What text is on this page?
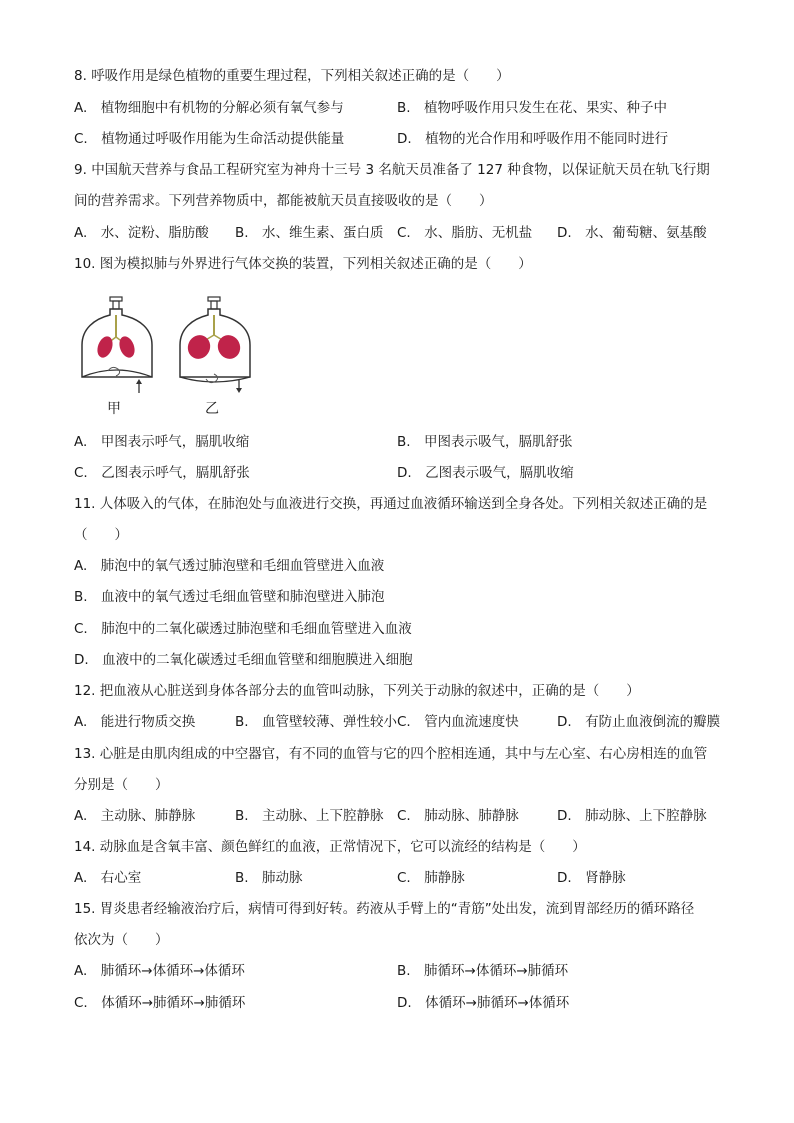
8. 呼吸作用是绿色植物的重要生理过程，下列相关叙述正确的是（　　）
A.　植物细胞中有机物的分解必须有氧气参与	B.　植物呼吸作用只发生在花、果实、种子中
C.　植物通过呼吸作用能为生命活动提供能量	D.　植物的光合作用和呼吸作用不能同时进行
9. 中国航天营养与食品工程研究室为神舟十三号 3 名航天员准备了 127 种食物，以保证航天员在轨飞行期
间的营养需求。下列营养物质中，都能被航天员直接吸收的是（　　）
A.　水、淀粉、脂肪酸 B.　水、维生素、蛋白质 C.　水、脂肪、无机盐 D.　水、葡萄糖、氨基酸
10. 图为模拟肺与外界进行气体交换的装置，下列相关叙述正确的是（　　）
甲	乙
A.　甲图表示呼气，膈肌收缩	B.　甲图表示吸气，膈肌舒张
C.　乙图表示呼气，膈肌舒张	D.　乙图表示吸气，膈肌收缩
11. 人体吸入的气体，在肺泡处与血液进行交换，再通过血液循环输送到全身各处。下列相关叙述正确的是
（　　）
A.　肺泡中的氧气透过肺泡壁和毛细血管壁进入血液
B.　血液中的氧气透过毛细血管壁和肺泡壁进入肺泡
C.　肺泡中的二氧化碳透过肺泡壁和毛细血管壁进入血液
D.　血液中的二氧化碳透过毛细血管壁和细胞膜进入细胞
12. 把血液从心脏送到身体各部分去的血管叫动脉，下列关于动脉的叙述中，正确的是（　　）
A.　能进行物质交换	B.　血管壁较薄、弹性较小 C.　管内血流速度快	D.　有防止血液倒流的瓣膜
13. 心脏是由肌肉组成的中空器官，有不同的血管与它的四个腔相连通，其中与左心室、右心房相连的血管
分别是（　　）
A.　主动脉、肺静脉	B.　主动脉、上下腔静脉 C.　肺动脉、肺静脉	D.　肺动脉、上下腔静脉
14. 动脉血是含氧丰富、颜色鲜红的血液，正常情况下，它可以流经的结构是（　　）
A.　右心室	B.　肺动脉	C.　肺静脉	D.　肾静脉
15. 胃炎患者经输液治疗后，病情可得到好转。药液从手臂上的“青筋”处出发，流到胃部经历的循环路径
依次为（　　）
A.　肺循环→体循环→体循环	B.　肺循环→体循环→肺循环
C.　体循环→肺循环→肺循环	D.　体循环→肺循环→体循环
